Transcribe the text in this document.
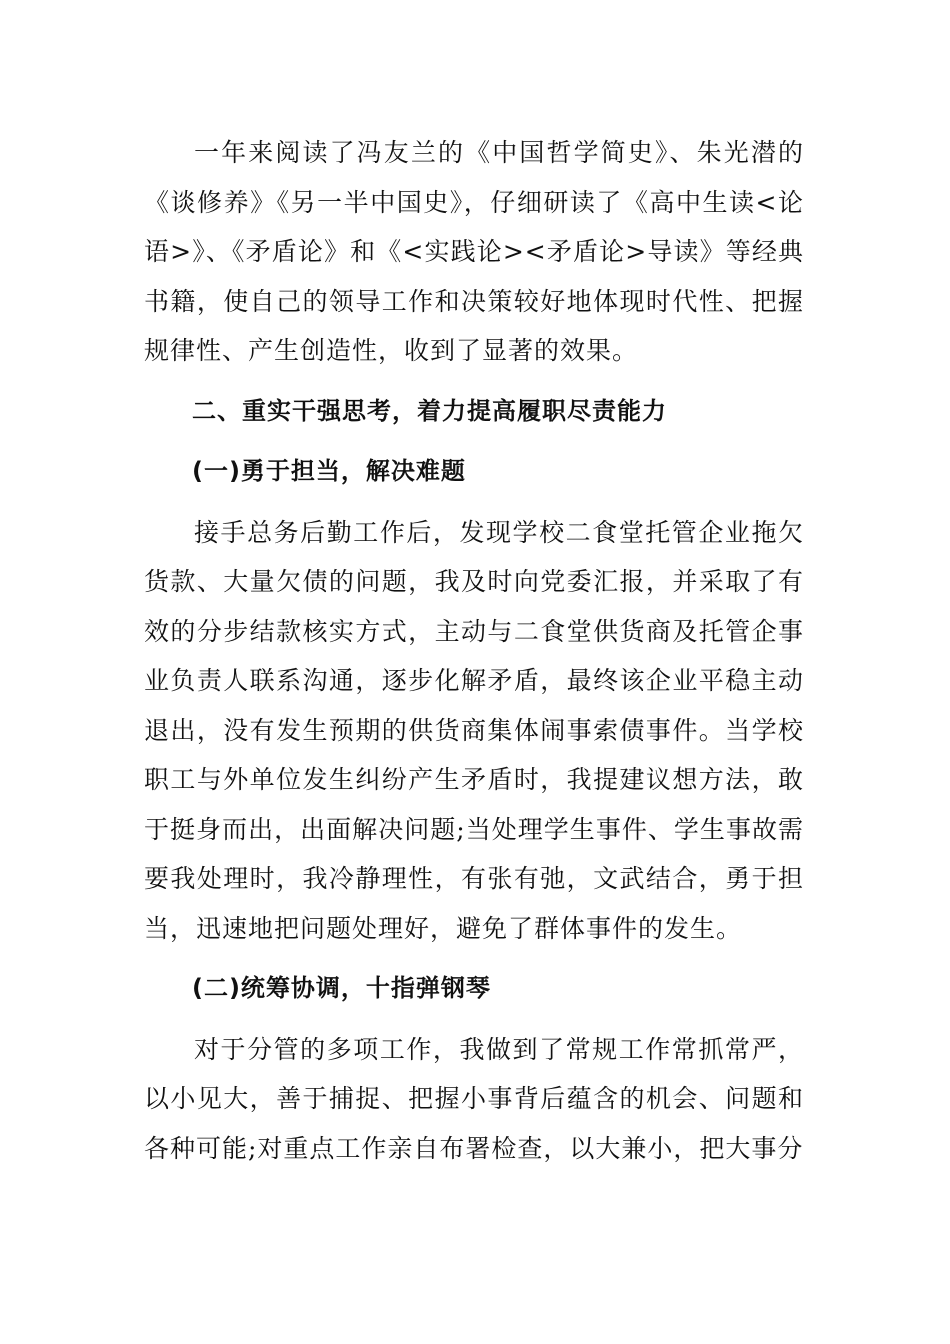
一年来阅读了冯友兰的《中国哲学简史》、朱光潜的《谈修养》《另一半中国史》，仔细研读了《高中生读<论语>》、《矛盾论》和《<实践论><矛盾论>导读》等经典书籍，使自己的领导工作和决策较好地体现时代性、把握规律性、产生创造性，收到了显著的效果。

二、重实干强思考，着力提高履职尽责能力

(一)勇于担当，解决难题

接手总务后勤工作后，发现学校二食堂托管企业拖欠货款、大量欠债的问题，我及时向党委汇报，并采取了有效的分步结款核实方式，主动与二食堂供货商及托管企事业负责人联系沟通，逐步化解矛盾，最终该企业平稳主动退出，没有发生预期的供货商集体闹事索债事件。当学校职工与外单位发生纠纷产生矛盾时，我提建议想方法，敢于挺身而出，出面解决问题;当处理学生事件、学生事故需要我处理时，我冷静理性，有张有弛，文武结合，勇于担当，迅速地把问题处理好，避免了群体事件的发生。

(二)统筹协调，十指弹钢琴

对于分管的多项工作，我做到了常规工作常抓常严，以小见大，善于捕捉、把握小事背后蕴含的机会、问题和各种可能;对重点工作亲自布署检查，以大兼小，把大事分
